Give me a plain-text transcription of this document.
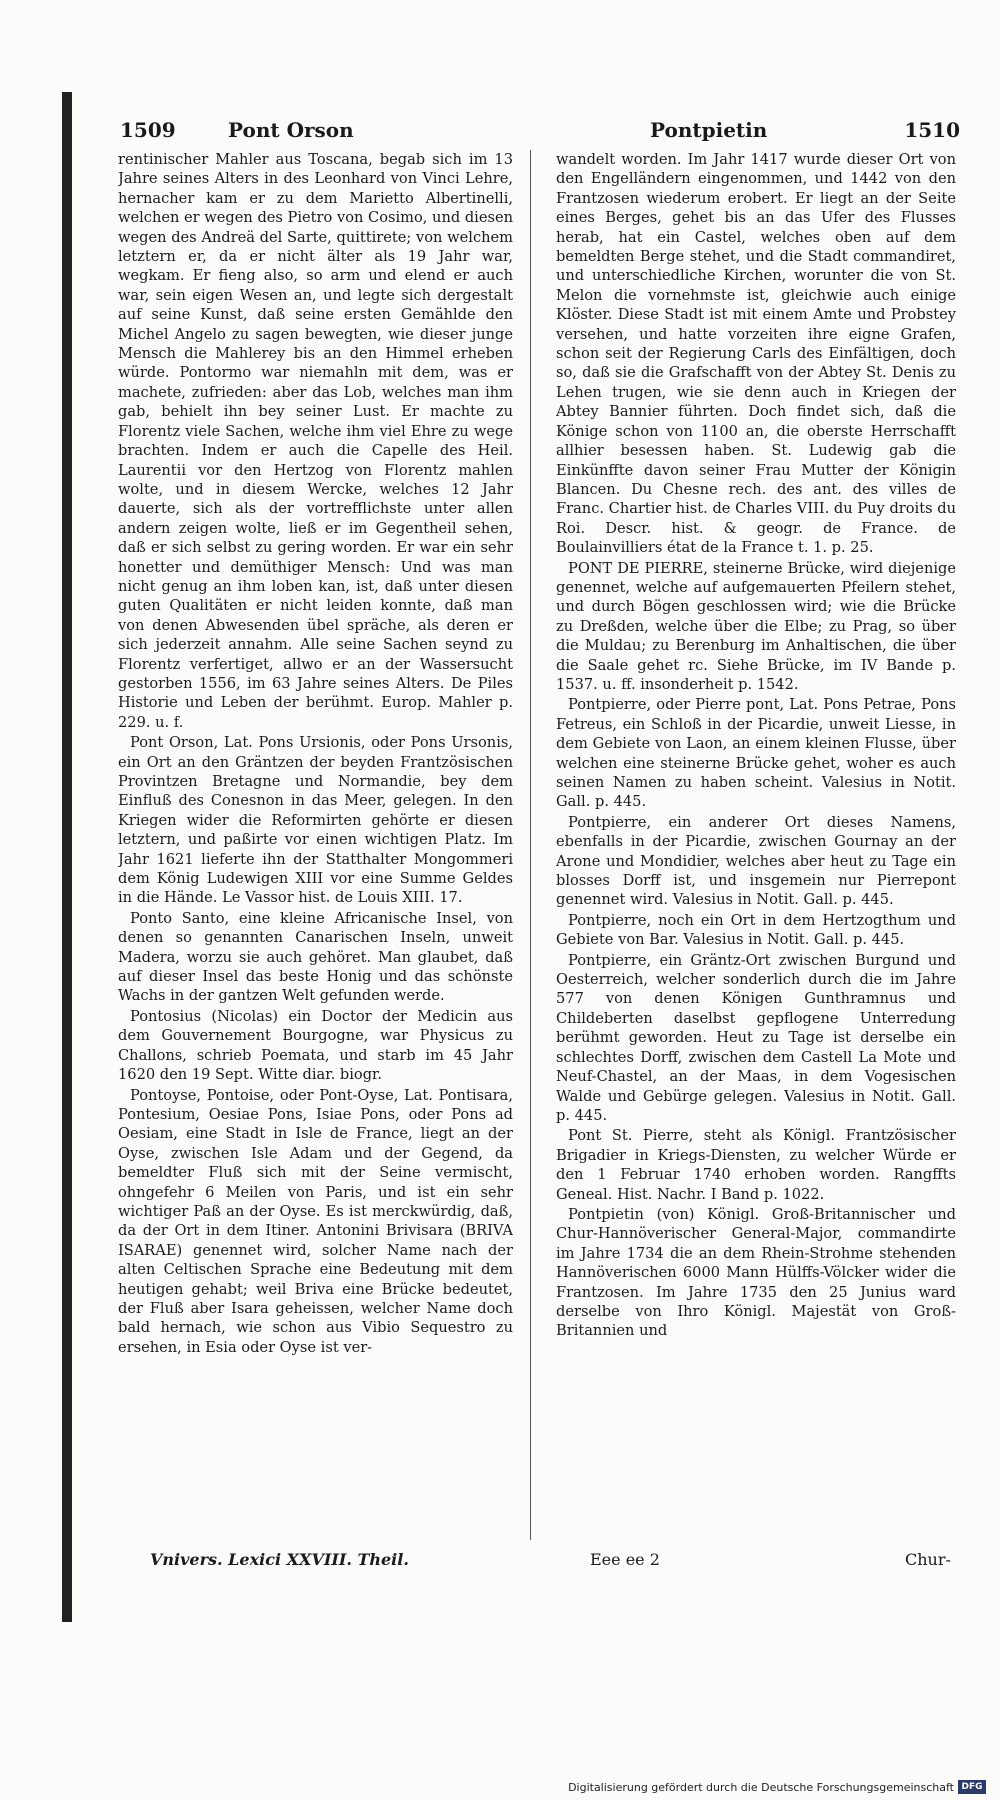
1509	Pont Orson	Pontpietin	1510

rentinischer Mahler aus Toscana, begab sich im 13 Jahre seines Alters in des Leonhard von Vinci Lehre, hernacher kam er zu dem Marietto Albertinelli, welchen er wegen des Pietro von Cosimo, und diesen wegen des Andreä del Sarte, quittirete; von welchem letztern er, da er nicht älter als 19 Jahr war, wegkam. Er fieng also, so arm und elend er auch war, sein eigen Wesen an, und legte sich dergestalt auf seine Kunst, daß seine ersten Gemählde den Michel Angelo zu sagen bewegten, wie dieser junge Mensch die Mahlerey bis an den Himmel erheben würde. Pontormo war niemahln mit dem, was er machete, zufrieden: aber das Lob, welches man ihm gab, behielt ihn bey seiner Lust. Er machte zu Florentz viele Sachen, welche ihm viel Ehre zu wege brachten. Indem er auch die Capelle des Heil. Laurentii vor den Hertzog von Florentz mahlen wolte, und in diesem Wercke, welches 12 Jahr dauerte, sich als der vortrefflichste unter allen andern zeigen wolte, ließ er im Gegentheil sehen, daß er sich selbst zu gering worden. Er war ein sehr honetter und demüthiger Mensch: Und was man nicht genug an ihm loben kan, ist, daß unter diesen guten Qualitäten er nicht leiden konnte, daß man von denen Abwesenden übel spräche, als deren er sich jederzeit annahm. Alle seine Sachen seynd zu Florentz verfertiget, allwo er an der Wassersucht gestorben 1556, im 63 Jahre seines Alters. De Piles Historie und Leben der berühmt. Europ. Mahler p. 229. u. f.

Pont Orson, Lat. Pons Ursionis, oder Pons Ursonis, ein Ort an den Gräntzen der beyden Frantzösischen Provintzen Bretagne und Normandie, bey dem Einfluß des Conesnon in das Meer, gelegen. In den Kriegen wider die Reformirten gehörte er diesen letztern, und paßirte vor einen wichtigen Platz. Im Jahr 1621 lieferte ihn der Statthalter Mongommeri dem König Ludewigen XIII vor eine Summe Geldes in die Hände. Le Vassor hist. de Louis XIII. 17.

Ponto Santo, eine kleine Africanische Insel, von denen so genannten Canarischen Inseln, unweit Madera, worzu sie auch gehöret. Man glaubet, daß auf dieser Insel das beste Honig und das schönste Wachs in der gantzen Welt gefunden werde.

Pontosius (Nicolas) ein Doctor der Medicin aus dem Gouvernement Bourgogne, war Physicus zu Challons, schrieb Poemata, und starb im 45 Jahr 1620 den 19 Sept. Witte diar. biogr.

Pontoyse, Pontoise, oder Pont-Oyse, Lat. Pontisara, Pontesium, Oesiae Pons, Isiae Pons, oder Pons ad Oesiam, eine Stadt in Isle de France, liegt an der Oyse, zwischen Isle Adam und der Gegend, da bemeldter Fluß sich mit der Seine vermischt, ohngefehr 6 Meilen von Paris, und ist ein sehr wichtiger Paß an der Oyse. Es ist merckwürdig, daß, da der Ort in dem Itiner. Antonini Brivisara (BRIVA ISARAE) genennet wird, solcher Name nach der alten Celtischen Sprache eine Bedeutung mit dem heutigen gehabt; weil Briva eine Brücke bedeutet, der Fluß aber Isara geheissen, welcher Name doch bald hernach, wie schon aus Vibio Sequestro zu ersehen, in Esia oder Oyse ist ver-

wandelt worden. Im Jahr 1417 wurde dieser Ort von den Engelländern eingenommen, und 1442 von den Frantzosen wiederum erobert. Er liegt an der Seite eines Berges, gehet bis an das Ufer des Flusses herab, hat ein Castel, welches oben auf dem bemeldten Berge stehet, und die Stadt commandiret, und unterschiedliche Kirchen, worunter die von St. Melon die vornehmste ist, gleichwie auch einige Klöster. Diese Stadt ist mit einem Amte und Probstey versehen, und hatte vorzeiten ihre eigne Grafen, schon seit der Regierung Carls des Einfältigen, doch so, daß sie die Grafschafft von der Abtey St. Denis zu Lehen trugen, wie sie denn auch in Kriegen der Abtey Bannier führten. Doch findet sich, daß die Könige schon von 1100 an, die oberste Herrschafft allhier besessen haben. St. Ludewig gab die Einkünffte davon seiner Frau Mutter der Königin Blancen. Du Chesne rech. des ant. des villes de Franc. Chartier hist. de Charles VIII. du Puy droits du Roi. Descr. hist. & geogr. de France. de Boulainvilliers état de la France t. 1. p. 25.

PONT DE PIERRE, steinerne Brücke, wird diejenige genennet, welche auf aufgemauerten Pfeilern stehet, und durch Bögen geschlossen wird; wie die Brücke zu Dreßden, welche über die Elbe; zu Prag, so über die Muldau; zu Berenburg im Anhaltischen, die über die Saale gehet rc. Siehe Brücke, im IV Bande p. 1537. u. ff. insonderheit p. 1542.

Pontpierre, oder Pierre pont, Lat. Pons Petrae, Pons Fetreus, ein Schloß in der Picardie, unweit Liesse, in dem Gebiete von Laon, an einem kleinen Flusse, über welchen eine steinerne Brücke gehet, woher es auch seinen Namen zu haben scheint. Valesius in Notit. Gall. p. 445.

Pontpierre, ein anderer Ort dieses Namens, ebenfalls in der Picardie, zwischen Gournay an der Arone und Mondidier, welches aber heut zu Tage ein blosses Dorff ist, und insgemein nur Pierrepont genennet wird. Valesius in Notit. Gall. p. 445.

Pontpierre, noch ein Ort in dem Hertzogthum und Gebiete von Bar. Valesius in Notit. Gall. p. 445.

Pontpierre, ein Gräntz-Ort zwischen Burgund und Oesterreich, welcher sonderlich durch die im Jahre 577 von denen Königen Gunthramnus und Childeberten daselbst gepflogene Unterredung berühmt geworden. Heut zu Tage ist derselbe ein schlechtes Dorff, zwischen dem Castell La Mote und Neuf-Chastel, an der Maas, in dem Vogesischen Walde und Gebürge gelegen. Valesius in Notit. Gall. p. 445.

Pont St. Pierre, steht als Königl. Frantzösischer Brigadier in Kriegs-Diensten, zu welcher Würde er den 1 Februar 1740 erhoben worden. Rangffts Geneal. Hist. Nachr. I Band p. 1022.

Pontpietin (von) Königl. Groß-Britannischer und Chur-Hannöverischer General-Major, commandirte im Jahre 1734 die an dem Rhein-Strohme stehenden Hannöverischen 6000 Mann Hülffs-Völcker wider die Frantzosen. Im Jahre 1735 den 25 Junius ward derselbe von Ihro Königl. Majestät von Groß-Britannien und

Vnivers. Lexici XXVIII. Theil.	Eee ee 2	Chur-
Digitalisierung gefördert durch die Deutsche Forschungsgemeinschaft DFG
